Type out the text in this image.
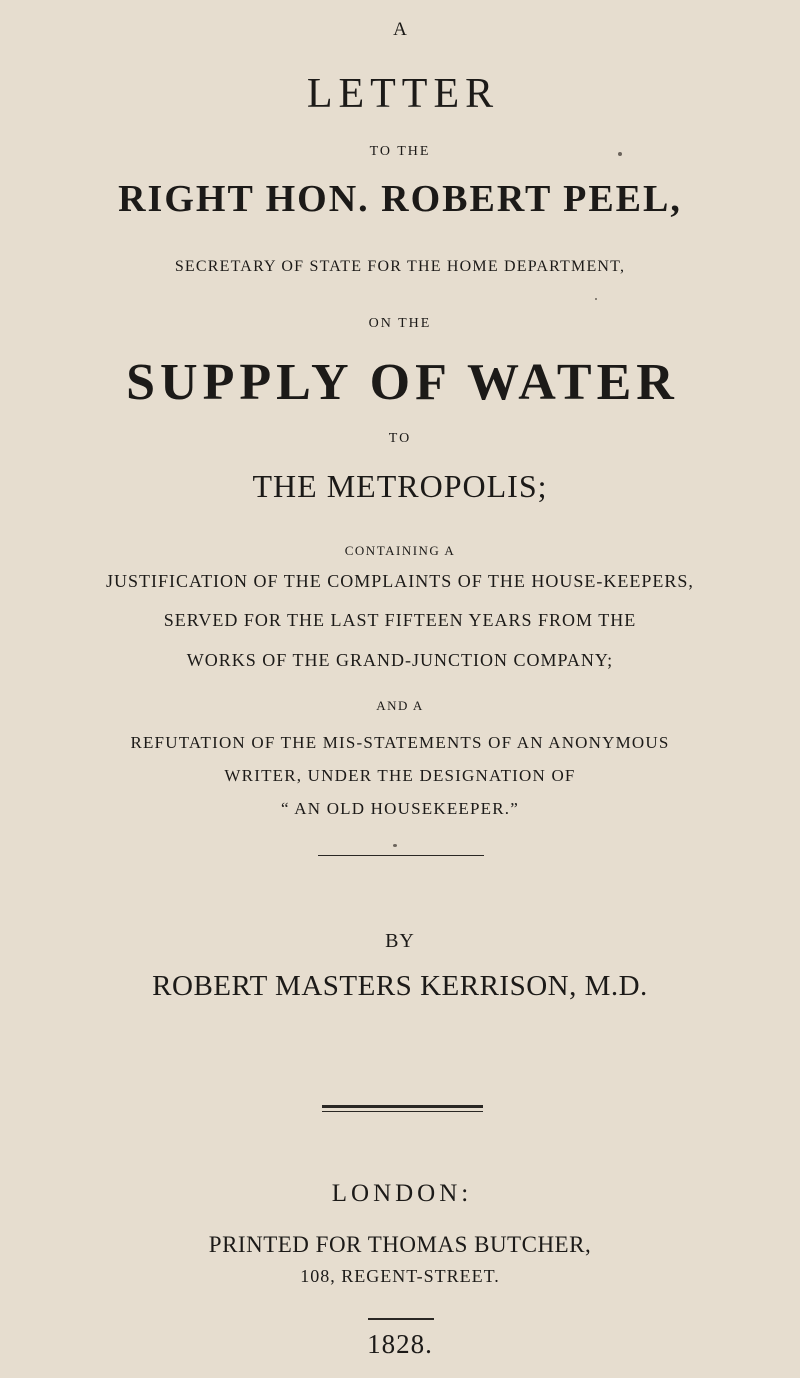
A
LETTER
TO THE
RIGHT HON. ROBERT PEEL,
SECRETARY OF STATE FOR THE HOME DEPARTMENT,
ON THE
SUPPLY OF WATER
TO
THE METROPOLIS;
CONTAINING A
JUSTIFICATION OF THE COMPLAINTS OF THE HOUSE-KEEPERS,
SERVED FOR THE LAST FIFTEEN YEARS FROM THE
WORKS OF THE GRAND-JUNCTION COMPANY;
AND A
REFUTATION OF THE MIS-STATEMENTS OF AN ANONYMOUS
WRITER, UNDER THE DESIGNATION OF
“ AN OLD HOUSEKEEPER.”
BY
ROBERT MASTERS KERRISON, M.D.
LONDON:
PRINTED FOR THOMAS BUTCHER,
108, REGENT-STREET.
1828.
